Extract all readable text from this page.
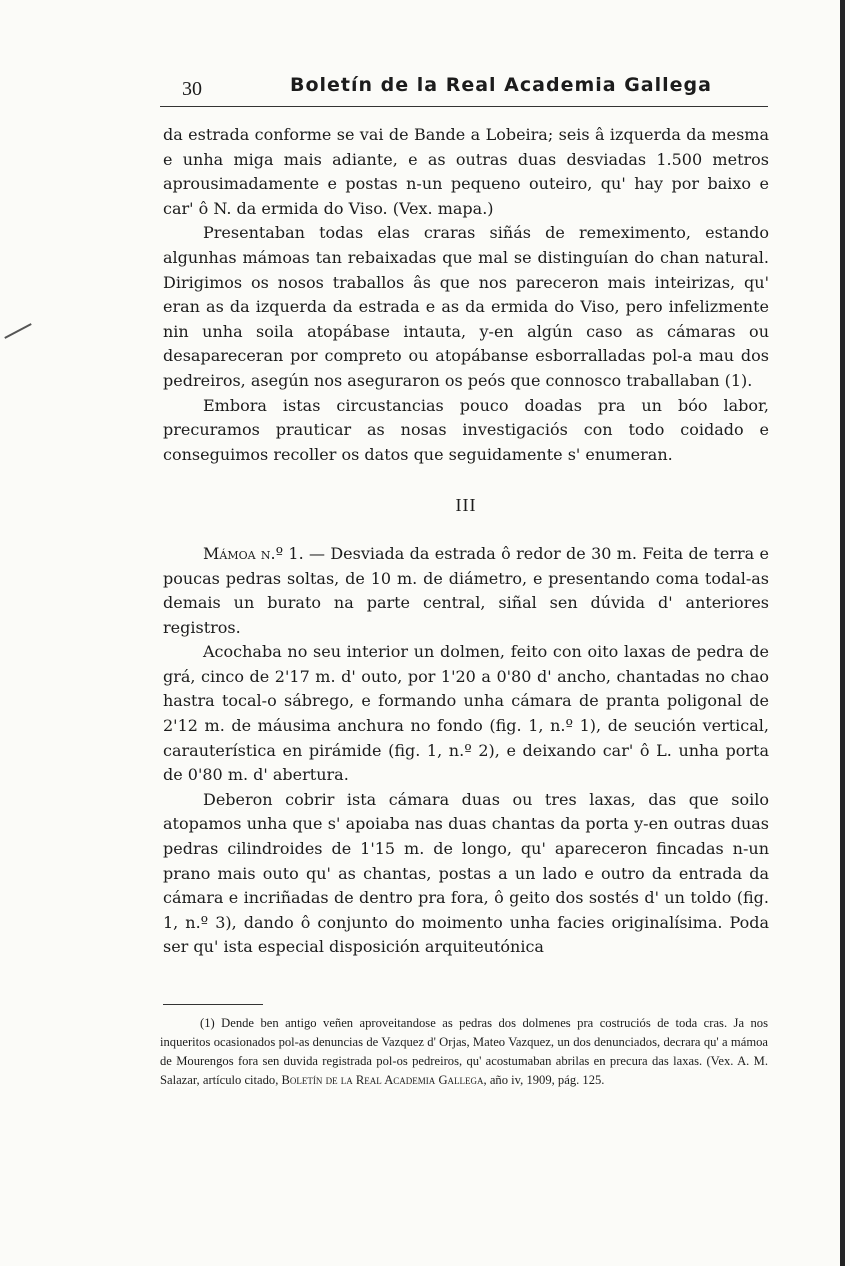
30	Boletín de la Real Academia Gallega

da estrada conforme se vai de Bande a Lobeira; seis â izquerda da mesma e unha miga mais adiante, e as outras duas desviadas 1.500 metros aprousimadamente e postas n-un pequeno outeiro, qu' hay por baixo e car' ô N. da ermida do Viso. (Vex. mapa.)

Presentaban todas elas craras siñás de remeximento, estando algunhas mámoas tan rebaixadas que mal se distinguían do chan natural. Dirigimos os nosos traballos âs que nos pareceron mais inteirizas, qu' eran as da izquerda da estrada e as da ermida do Viso, pero infelizmente nin unha soila atopábase intauta, y-en algún caso as cámaras ou desapareceran por compreto ou atopábanse esborralladas pol-a mau dos pedreiros, asegún nos aseguraron os peós que connosco traballaban (1).

Embora istas circustancias pouco doadas pra un bóo labor, precuramos prauticar as nosas investigaciós con todo coidado e conseguimos recoller os datos que seguidamente s' enumeran.

III

Mámoa n.º 1. — Desviada da estrada ô redor de 30 m. Feita de terra e poucas pedras soltas, de 10 m. de diámetro, e presentando coma todal-as demais un burato na parte central, siñal sen dúvida d' anteriores registros.

Acochaba no seu interior un dolmen, feito con oito laxas de pedra de grá, cinco de 2'17 m. d' outo, por 1'20 a 0'80 d' ancho, chantadas no chao hastra tocal-o sábrego, e formando unha cámara de pranta poligonal de 2'12 m. de máusima anchura no fondo (fig. 1, n.º 1), de seución vertical, carauterística en pirámide (fig. 1, n.º 2), e deixando car' ô L. unha porta de 0'80 m. d' abertura.

Deberon cobrir ista cámara duas ou tres laxas, das que soilo atopamos unha que s' apoiaba nas duas chantas da porta y-en outras duas pedras cilindroides de 1'15 m. de longo, qu' apareceron fincadas n-un prano mais outo qu' as chantas, postas a un lado e outro da entrada da cámara e incriñadas de dentro pra fora, ô geito dos sostés d' un toldo (fig. 1, n.º 3), dando ô conjunto do moimento unha facies originalísima. Poda ser qu' ista especial disposición arquiteutónica

(1) Dende ben antigo veñen aproveitandose as pedras dos dolmenes pra costruciós de toda cras. Ja nos inqueritos ocasionados pol-as denuncias de Vazquez d' Orjas, Mateo Vazquez, un dos denunciados, decrara qu' a mámoa de Mourengos fora sen duvida registrada pol-os pedreiros, qu' acostumaban abrilas en precura das laxas. (Vex. A. M. Salazar, artículo citado, Boletín de la Real Academia Gallega, año iv, 1909, pág. 125.
